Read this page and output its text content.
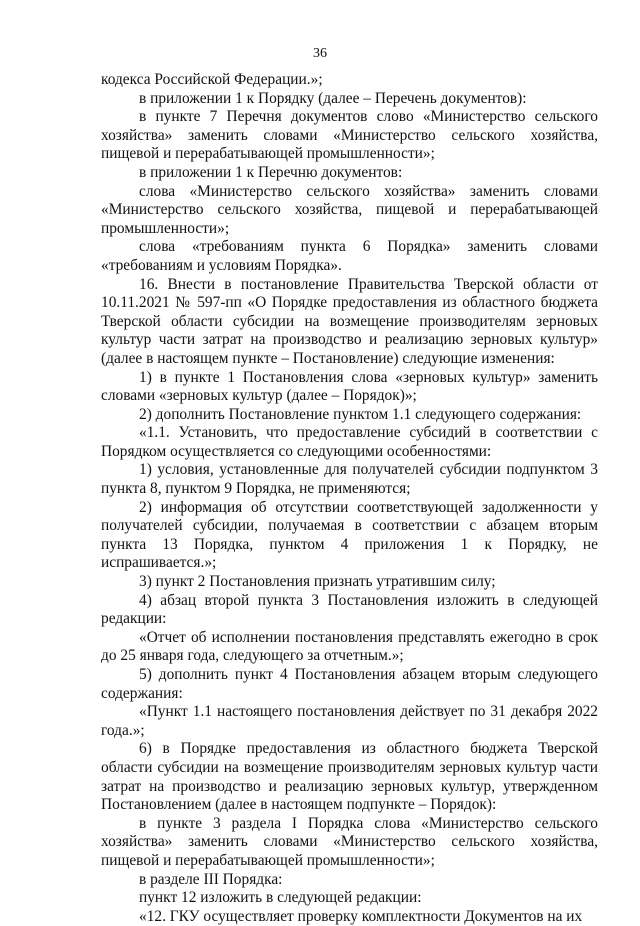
36

кодекса Российской Федерации.»;

в приложении 1 к Порядку (далее – Перечень документов):

в пункте 7 Перечня документов слово «Министерство сельского хозяйства» заменить словами «Министерство сельского хозяйства, пищевой и перерабатывающей промышленности»;

в приложении 1 к Перечню документов:

слова «Министерство сельского хозяйства» заменить словами «Министерство сельского хозяйства, пищевой и перерабатывающей промышленности»;

слова «требованиям пункта 6 Порядка» заменить словами «требованиям и условиям Порядка».

16. Внести в постановление Правительства Тверской области от 10.11.2021 № 597-пп «О Порядке предоставления из областного бюджета Тверской области субсидии на возмещение производителям зерновых культур части затрат на производство и реализацию зерновых культур» (далее в настоящем пункте – Постановление) следующие изменения:

1) в пункте 1 Постановления слова «зерновых культур» заменить словами «зерновых культур (далее – Порядок)»;

2) дополнить Постановление пунктом 1.1 следующего содержания:

«1.1. Установить, что предоставление субсидий в соответствии с Порядком осуществляется со следующими особенностями:

1) условия, установленные для получателей субсидии подпунктом 3 пункта 8, пунктом 9 Порядка, не применяются;

2) информация об отсутствии соответствующей задолженности у получателей субсидии, получаемая в соответствии с абзацем вторым пункта 13 Порядка, пунктом 4 приложения 1 к Порядку, не испрашивается.»;

3) пункт 2 Постановления признать утратившим силу;

4) абзац второй пункта 3 Постановления изложить в следующей редакции:

«Отчет об исполнении постановления представлять ежегодно в срок до 25 января года, следующего за отчетным.»;

5) дополнить пункт 4 Постановления абзацем вторым следующего содержания:

«Пункт 1.1 настоящего постановления действует по 31 декабря 2022 года.»;

6) в Порядке предоставления из областного бюджета Тверской области субсидии на возмещение производителям зерновых культур части затрат на производство и реализацию зерновых культур, утвержденном Постановлением (далее в настоящем подпункте – Порядок):

в пункте 3 раздела I Порядка слова «Министерство сельского хозяйства» заменить словами «Министерство сельского хозяйства, пищевой и перерабатывающей промышленности»;

в разделе III Порядка:

пункт 12 изложить в следующей редакции:

«12. ГКУ осуществляет проверку комплектности Документов на их
